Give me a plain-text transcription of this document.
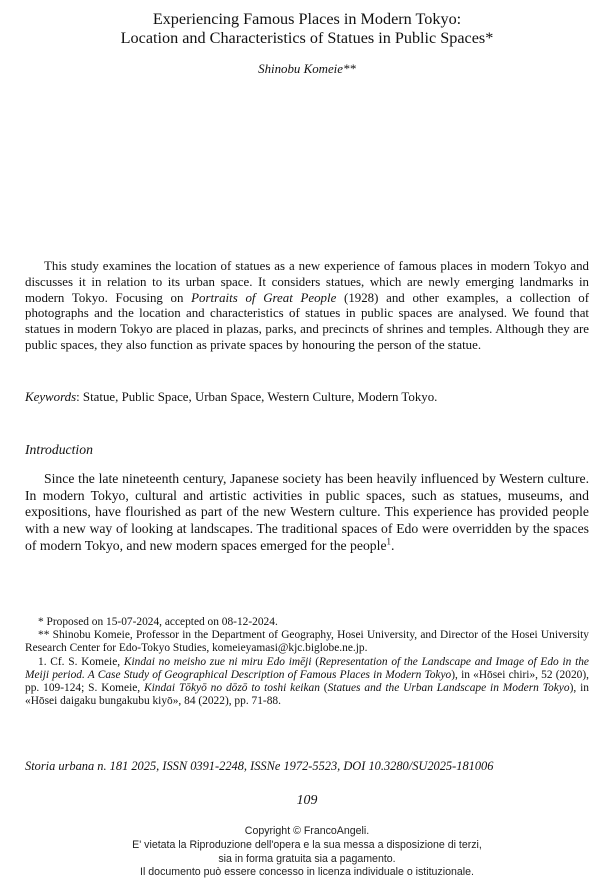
Experiencing Famous Places in Modern Tokyo:
Location and Characteristics of Statues in Public Spaces*
Shinobu Komeie**
This study examines the location of statues as a new experience of famous places in modern Tokyo and discusses it in relation to its urban space. It considers statues, which are newly emerging landmarks in modern Tokyo. Focusing on Portraits of Great People (1928) and other examples, a collection of photographs and the location and characteristics of statues in public spaces are analysed. We found that statues in modern Tokyo are placed in plazas, parks, and precincts of shrines and temples. Although they are public spaces, they also function as private spaces by honouring the person of the statue.
Keywords: Statue, Public Space, Urban Space, Western Culture, Modern Tokyo.
Introduction
Since the late nineteenth century, Japanese society has been heavily influenced by Western culture. In modern Tokyo, cultural and artistic activities in public spaces, such as statues, museums, and expositions, have flourished as part of the new Western culture. This experience has provided people with a new way of looking at landscapes. The traditional spaces of Edo were overridden by the spaces of modern Tokyo, and new modern spaces emerged for the people$^1$.

* Proposed on 15-07-2024, accepted on 08-12-2024.

** Shinobu Komeie, Professor in the Department of Geography, Hosei University, and Director of the Hosei University Research Center for Edo-Tokyo Studies, komeieyamasi@kjc.biglobe.ne.jp.

1. Cf. S. Komeie, Kindai no meisho zue ni miru Edo imēji (Representation of the Landscape and Image of Edo in the Meiji period. A Case Study of Geographical Description of Famous Places in Modern Tokyo), in «Hōsei chiri», 52 (2020), pp. 109-124; S. Komeie, Kindai Tōkyō no dōzō to toshi keikan (Statues and the Urban Landscape in Modern Tokyo), in «Hōsei daigaku bungakubu kiyō», 84 (2022), pp. 71-88.

Storia urbana n. 181 2025, ISSN 0391-2248, ISSNe 1972-5523, DOI 10.3280/SU2025-181006
109
Copyright © FrancoAngeli.
E' vietata la Riproduzione dell'opera e la sua messa a disposizione di terzi,
sia in forma gratuita sia a pagamento.
Il documento può essere concesso in licenza individuale o istituzionale.
